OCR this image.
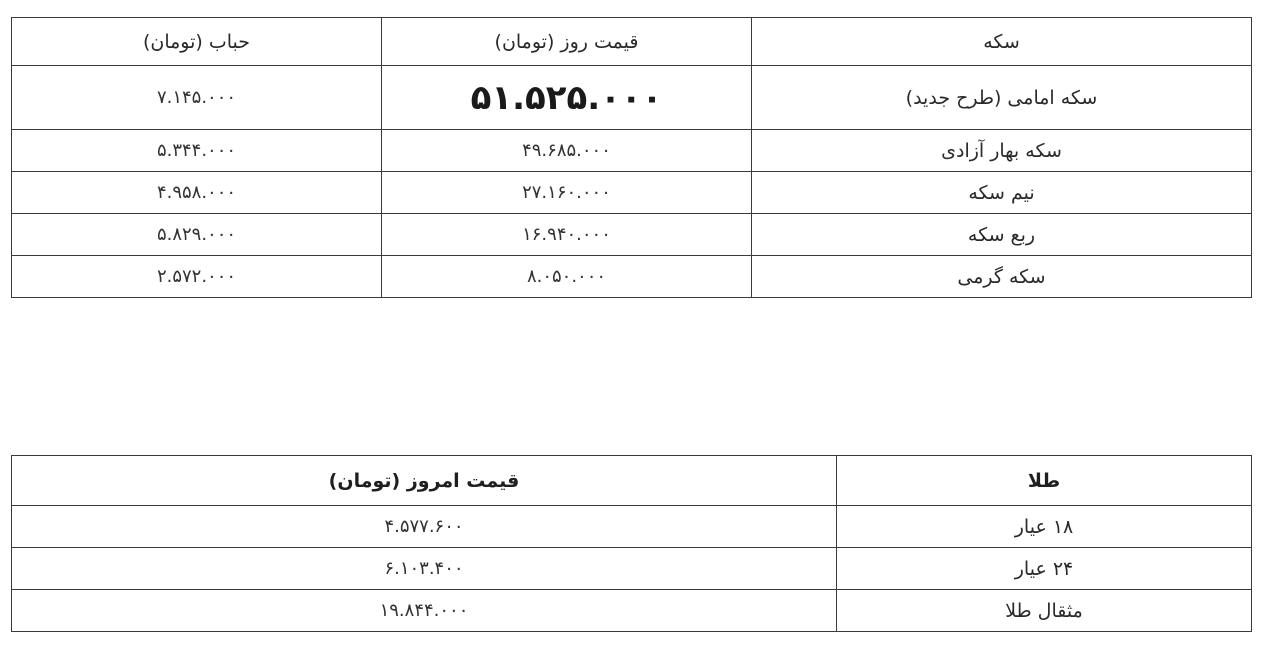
سکه	قیمت روز (تومان)	حباب (تومان)
سکه امامی (طرح جدید)	۵۱.۵۲۵.۰۰۰	۷.۱۴۵.۰۰۰
سکه بهار آزادی	۴۹.۶۸۵.۰۰۰	۵.۳۴۴.۰۰۰
نیم سکه	۲۷.۱۶۰.۰۰۰	۴.۹۵۸.۰۰۰
ربع سکه	۱۶.۹۴۰.۰۰۰	۵.۸۲۹.۰۰۰
سکه گرمی	۸.۰۵۰.۰۰۰	۲.۵۷۲.۰۰۰
طلا	قیمت امروز (تومان)
۱۸ عیار	۴.۵۷۷.۶۰۰
۲۴ عیار	۶.۱۰۳.۴۰۰
مثقال طلا	۱۹.۸۴۴.۰۰۰
